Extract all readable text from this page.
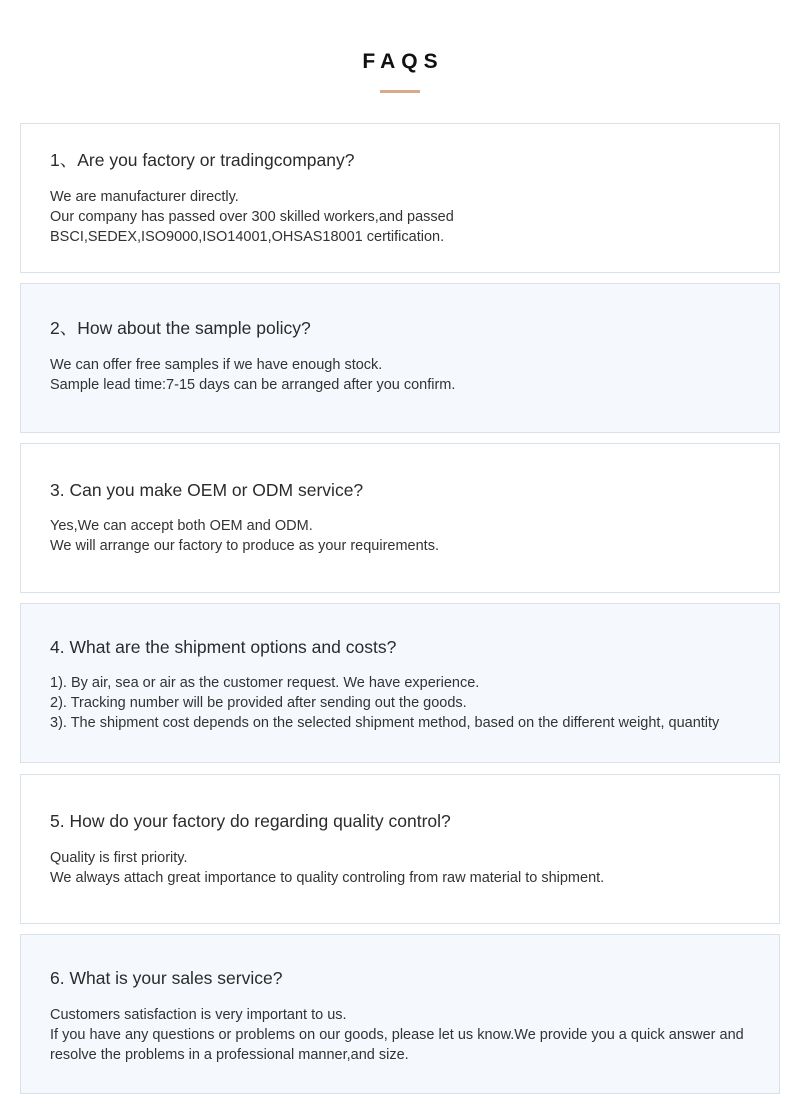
FAQS
1、Are you factory or tradingcompany?
We are manufacturer directly.
Our company has passed over 300 skilled workers,and passed BSCI,SEDEX,ISO9000,ISO14001,OHSAS18001 certification.
2、How about the sample policy?
We can offer free samples if we have enough stock.
Sample lead time:7-15 days can be arranged after you confirm.
3. Can you make OEM or ODM service?
Yes,We can accept both OEM and ODM.
We will arrange our factory to produce as your requirements.
4. What are the shipment options and costs?
1). By air, sea or air as the customer request. We have experience.
2). Tracking number will be provided after sending out the goods.
3). The shipment cost depends on the selected shipment method, based on the different weight, quantity
5. How do your factory do regarding quality control?
Quality is first priority.
We always attach great importance to quality controling from raw material to shipment.
6. What is your sales service?
Customers satisfaction is very important to us.
If you have any questions or problems on our goods, please let us know.We provide you a quick answer and resolve the problems in a professional manner,and size.
